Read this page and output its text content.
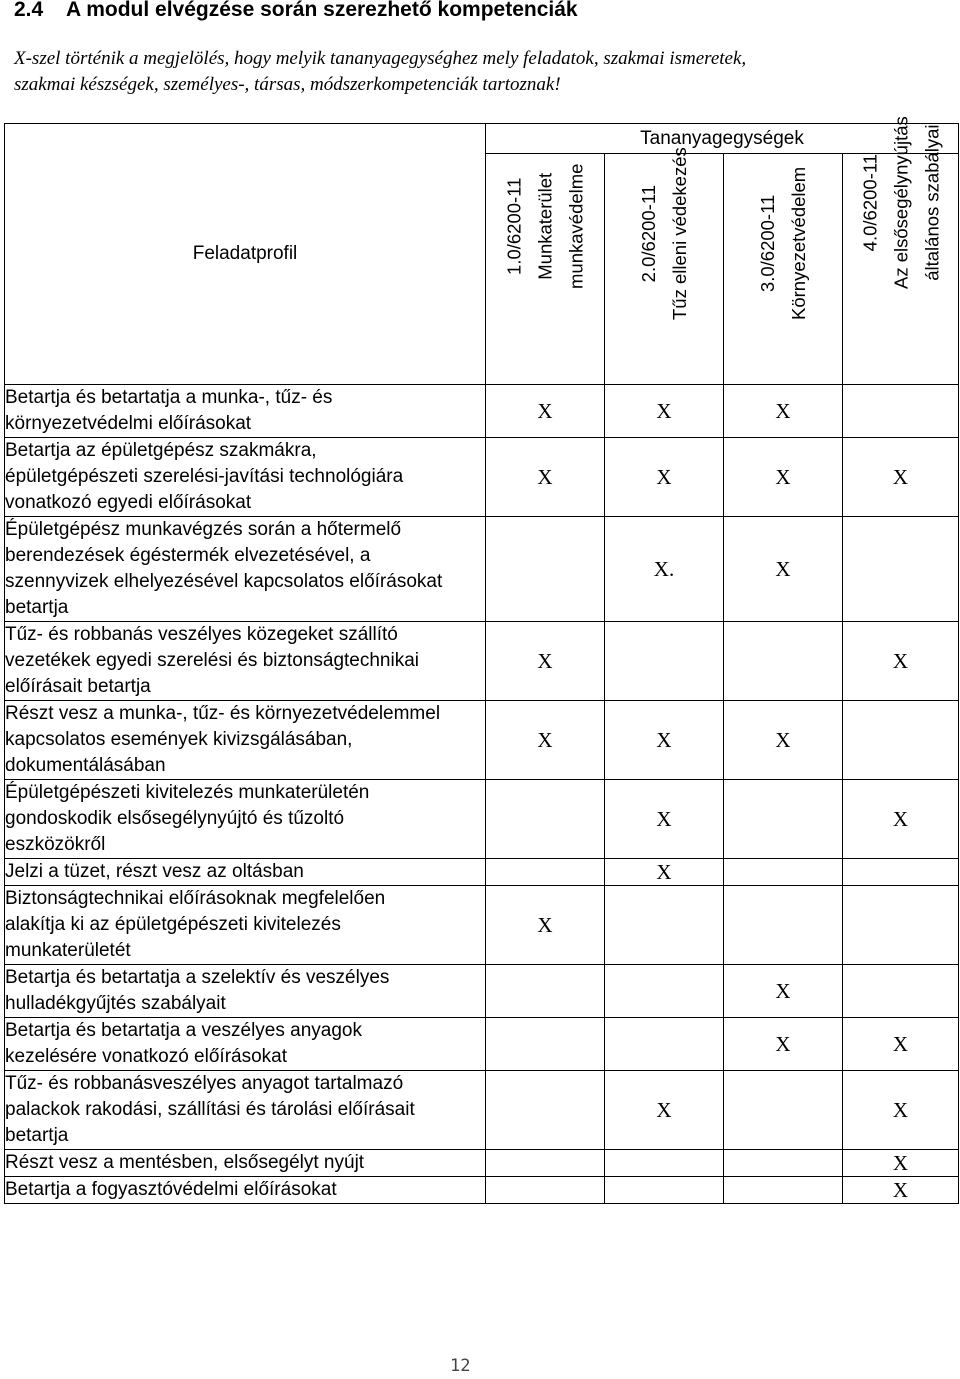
2.4 A modul elvégzése során szerezhető kompetenciák
X-szel történik a megjelölés, hogy melyik tananyagegységhez mely feladatok, szakmai ismeretek,
szakmai készségek, személyes-, társas, módszerkompetenciák tartoznak!
Feladatprofil	Tananyagegységek			

	1.0/6200-11 Munkaterület munkavédelme	2.0/6200-11 Tűz elleni védekezés	3.0/6200-11 Környezetvédelem	4.0/6200-11 Az elsősegélynyújtás általános szabályai

Betartja és betartatja a munka-, tűz- és
környezetvédelmi előírásokat	X	X	X	

Betartja az épületgépész szakmákra,
épületgépészeti szerelési-javítási technológiára
vonatkozó egyedi előírásokat	X	X	X	X

Épületgépész munkavégzés során a hőtermelő
berendezések égéstermék elvezetésével, a
szennyvizek elhelyezésével kapcsolatos előírásokat
betartja		X.	X	

Tűz- és robbanás veszélyes közegeket szállító
vezetékek egyedi szerelési és biztonságtechnikai
előírásait betartja	X			X

Részt vesz a munka-, tűz- és környezetvédelemmel
kapcsolatos események kivizsgálásában,
dokumentálásában	X	X	X	

Épületgépészeti kivitelezés munkaterületén
gondoskodik elsősegélynyújtó és tűzoltó
eszközökről		X		X

Jelzi a tüzet, részt vesz az oltásban		X		

Biztonságtechnikai előírásoknak megfelelően
alakítja ki az épületgépészeti kivitelezés
munkaterületét	X			

Betartja és betartatja a szelektív és veszélyes
hulladékgyűjtés szabályait			X	

Betartja és betartatja a veszélyes anyagok
kezelésére vonatkozó előírásokat			X	X

Tűz- és robbanásveszélyes anyagot tartalmazó
palackok rakodási, szállítási és tárolási előírásait
betartja		X		X

Részt vesz a mentésben, elsősegélyt nyújt				X

Betartja a fogyasztóvédelmi előírásokat				X
12
